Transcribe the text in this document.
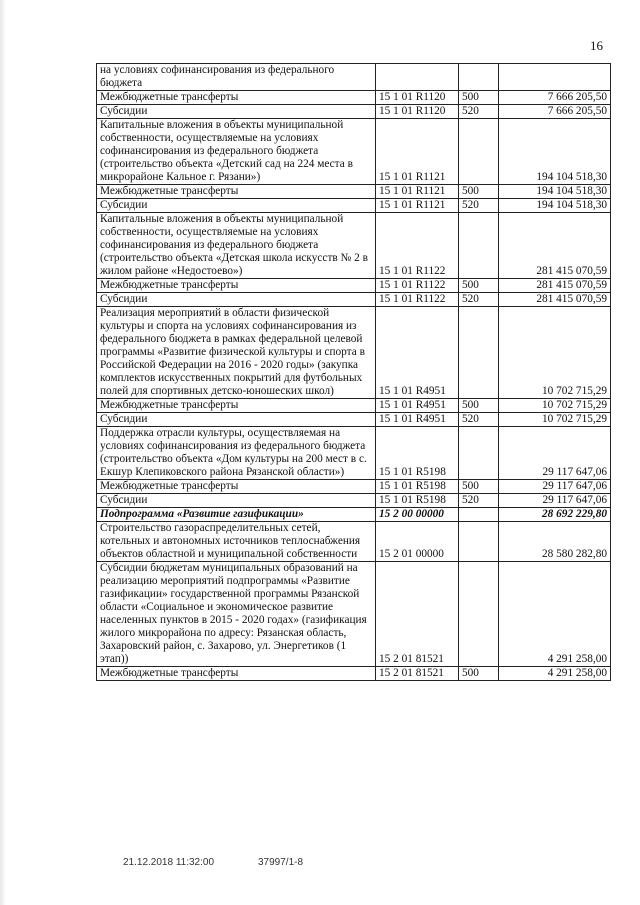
16
на условиях софинансирования из федерального бюджета			
Межбюджетные трансферты	15 1 01 R1120	500	7 666 205,50
Субсидии	15 1 01 R1120	520	7 666 205,50
Капитальные вложения в объекты муниципальной собственности, осуществляемые на условиях софинансирования из федерального бюджета (строительство объекта «Детский сад на 224 места в микрорайоне Кальное г. Рязани»)	15 1 01 R1121		194 104 518,30
Межбюджетные трансферты	15 1 01 R1121	500	194 104 518,30
Субсидии	15 1 01 R1121	520	194 104 518,30
Капитальные вложения в объекты муниципальной собственности, осуществляемые на условиях софинансирования из федерального бюджета (строительство объекта «Детская школа искусств № 2 в жилом районе «Недостоево»)	15 1 01 R1122		281 415 070,59
Межбюджетные трансферты	15 1 01 R1122	500	281 415 070,59
Субсидии	15 1 01 R1122	520	281 415 070,59
Реализация мероприятий в области физической культуры и спорта на условиях софинансирования из федерального бюджета в рамках федеральной целевой программы «Развитие физической культуры и спорта в Российской Федерации на 2016 - 2020 годы» (закупка комплектов искусственных покрытий для футбольных полей для спортивных детско-юношеских школ)	15 1 01 R4951		10 702 715,29
Межбюджетные трансферты	15 1 01 R4951	500	10 702 715,29
Субсидии	15 1 01 R4951	520	10 702 715,29
Поддержка отрасли культуры, осуществляемая на условиях софинансирования из федерального бюджета (строительство объекта «Дом культуры на 200 мест в с. Екшур Клепиковского района Рязанской области»)	15 1 01 R5198		29 117 647,06
Межбюджетные трансферты	15 1 01 R5198	500	29 117 647,06
Субсидии	15 1 01 R5198	520	29 117 647,06
Подпрограмма «Развитие газификации»	15 2 00 00000		28 692 229,80
Строительство газораспределительных сетей, котельных и автономных источников теплоснабжения объектов областной и муниципальной собственности	15 2 01 00000		28 580 282,80
Субсидии бюджетам муниципальных образований на реализацию мероприятий подпрограммы «Развитие газификации» государственной программы Рязанской области «Социальное и экономическое развитие населенных пунктов в 2015 - 2020 годах» (газификация жилого микрорайона по адресу: Рязанская область, Захаровский район, с. Захарово, ул. Энергетиков (1 этап))	15 2 01 81521		4 291 258,00
Межбюджетные трансферты	15 2 01 81521	500	4 291 258,00
21.12.2018 11:32:00	37997/1-8
